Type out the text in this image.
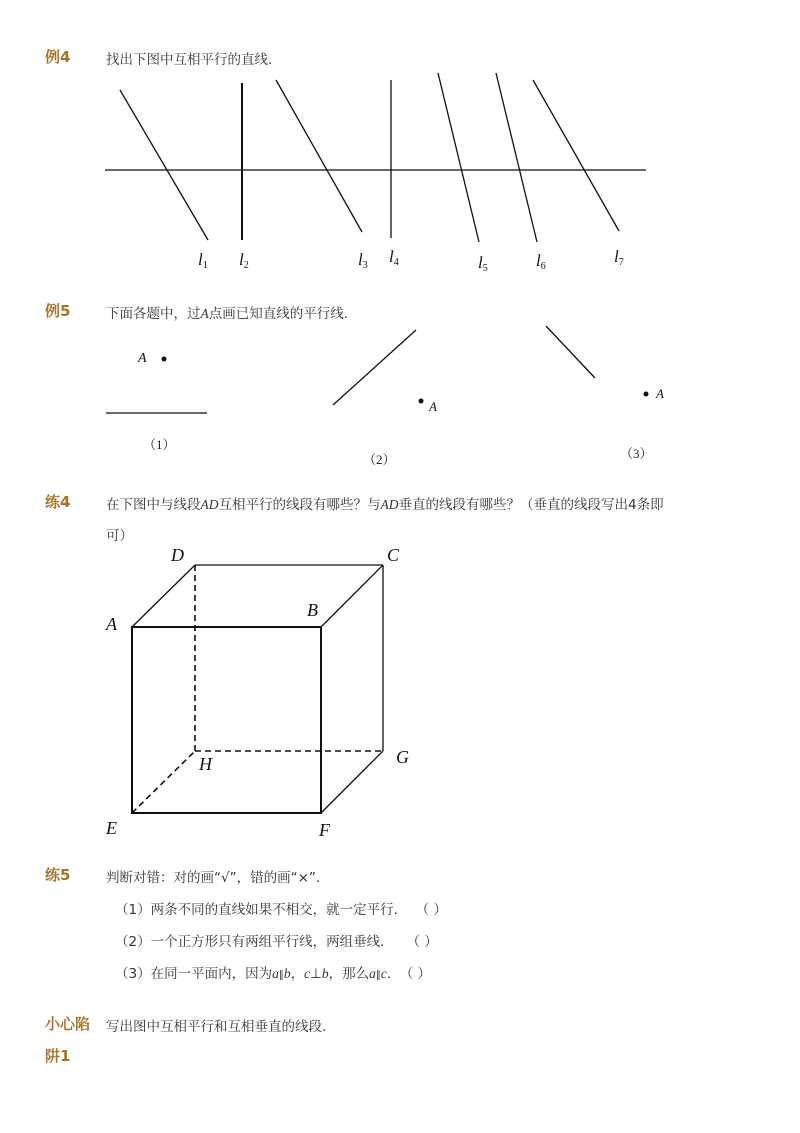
例4	找出下图中互相平行的直线.
l1 l2	l3 l4	l5	l6
l7
例5	下面各题中，过A点画已知直线的平行线.
A
A
A
（1）
（2）	（3）
练4	在下图中与线段AD互相平行的线段有哪些？与AD垂直的线段有哪些？（垂直的线段写出4条即
可）
D	C
A
B
H	G
E	F
练5	判断对错：对的画“√”，错的画“×”.
（1）两条不同的直线如果不相交，就一定平行．  （ ）
（2）一个正方形只有两组平行线，两组垂线．   （ ）
（3）在同一平面内，因为a∥b，c⊥b，那么a∥c.  （ ）
小心陷 写出图中互相平行和互相垂直的线段.
阱1
